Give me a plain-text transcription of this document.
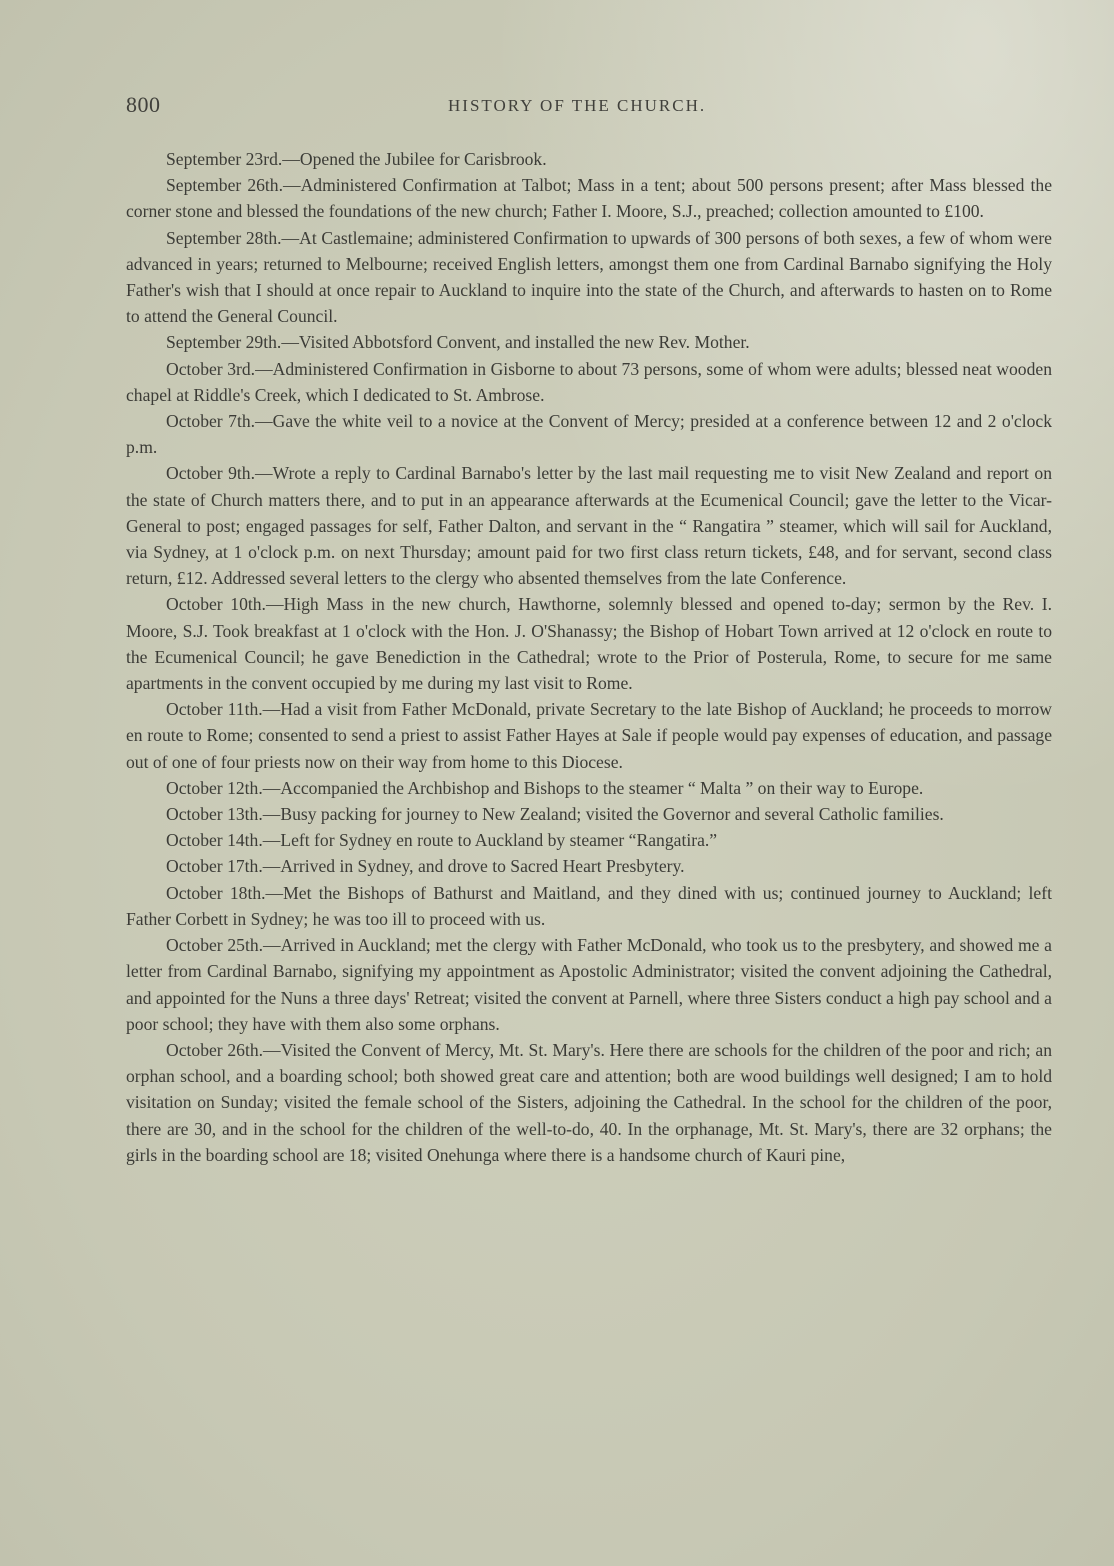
800	HISTORY OF THE CHURCH.

September 23rd.—Opened the Jubilee for Carisbrook.

September 26th.—Administered Confirmation at Talbot; Mass in a tent; about 500 persons present; after Mass blessed the corner stone and blessed the foundations of the new church; Father I. Moore, S.J., preached; collection amounted to £100.

September 28th.—At Castlemaine; administered Confirmation to upwards of 300 persons of both sexes, a few of whom were advanced in years; returned to Melbourne; received English letters, amongst them one from Cardinal Barnabo signifying the Holy Father's wish that I should at once repair to Auckland to inquire into the state of the Church, and afterwards to hasten on to Rome to attend the General Council.

September 29th.—Visited Abbotsford Convent, and installed the new Rev. Mother.

October 3rd.—Administered Confirmation in Gisborne to about 73 persons, some of whom were adults; blessed neat wooden chapel at Riddle's Creek, which I dedicated to St. Ambrose.

October 7th.—Gave the white veil to a novice at the Convent of Mercy; presided at a conference between 12 and 2 o'clock p.m.

October 9th.—Wrote a reply to Cardinal Barnabo's letter by the last mail requesting me to visit New Zealand and report on the state of Church matters there, and to put in an appearance afterwards at the Ecumenical Council; gave the letter to the Vicar-General to post; engaged passages for self, Father Dalton, and servant in the “ Rangatira ” steamer, which will sail for Auckland, via Sydney, at 1 o'clock p.m. on next Thursday; amount paid for two first class return tickets, £48, and for servant, second class return, £12. Addressed several letters to the clergy who absented themselves from the late Conference.

October 10th.—High Mass in the new church, Hawthorne, solemnly blessed and opened to-day; sermon by the Rev. I. Moore, S.J. Took breakfast at 1 o'clock with the Hon. J. O'Shanassy; the Bishop of Hobart Town arrived at 12 o'clock en route to the Ecumenical Council; he gave Benediction in the Cathedral; wrote to the Prior of Posterula, Rome, to secure for me same apartments in the convent occupied by me during my last visit to Rome.

October 11th.—Had a visit from Father McDonald, private Secretary to the late Bishop of Auckland; he proceeds to morrow en route to Rome; consented to send a priest to assist Father Hayes at Sale if people would pay expenses of education, and passage out of one of four priests now on their way from home to this Diocese.

October 12th.—Accompanied the Archbishop and Bishops to the steamer “ Malta ” on their way to Europe.

October 13th.—Busy packing for journey to New Zealand; visited the Governor and several Catholic families.

October 14th.—Left for Sydney en route to Auckland by steamer “Rangatira.”

October 17th.—Arrived in Sydney, and drove to Sacred Heart Presbytery.

October 18th.—Met the Bishops of Bathurst and Maitland, and they dined with us; continued journey to Auckland; left Father Corbett in Sydney; he was too ill to proceed with us.

October 25th.—Arrived in Auckland; met the clergy with Father McDonald, who took us to the presbytery, and showed me a letter from Cardinal Barnabo, signifying my appointment as Apostolic Administrator; visited the convent adjoining the Cathedral, and appointed for the Nuns a three days' Retreat; visited the convent at Parnell, where three Sisters conduct a high pay school and a poor school; they have with them also some orphans.

October 26th.—Visited the Convent of Mercy, Mt. St. Mary's. Here there are schools for the children of the poor and rich; an orphan school, and a boarding school; both showed great care and attention; both are wood buildings well designed; I am to hold visitation on Sunday; visited the female school of the Sisters, adjoining the Cathedral. In the school for the children of the poor, there are 30, and in the school for the children of the well-to-do, 40. In the orphanage, Mt. St. Mary's, there are 32 orphans; the girls in the boarding school are 18; visited Onehunga where there is a handsome church of Kauri pine,
